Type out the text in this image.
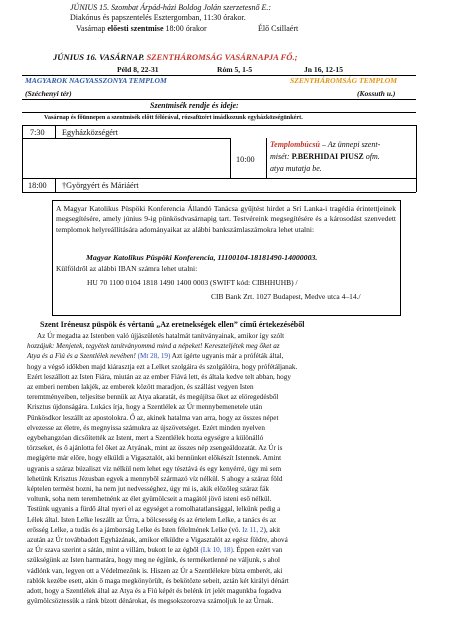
JÚNIUS 15. Szombat Árpád-házi Boldog Jolán szerzetesnő E.:
Diakónus és papszentelés Esztergomban, 11:30 órakor.
Vasárnap előesti szentmise 18:00 órakor	Élő Csillaért
JÚNIUS 16. VASÁRNAP. SZENTHÁROMSÁG VASÁRNAPJA FŐ.;
Péld 8, 22-31	Róm 5, 1-5	Jn 16, 12-15
MAGYAROK NAGYASSZONYA TEMPLOM	SZENTHÁROMSÁG TEMPLOM
(Széchenyi tér)	(Kossuth u.)
Szentmisék rendje és ideje:
Vasárnap és főünnepen a szentmisék előtt félórával, rózsafüzért imádkozunk egyházközségünkért.
7:30 Egyházközségért
10:00
Templombúcsú – Az ünnepi szent-
misét: P.BERHIDAI PIUSZ ofm.
atya mutatja be.
18:00 †Györgyért és Máriáért
A Magyar Katolikus Püspöki Konferencia Állandó Tanácsa gyűjtést hirdet a Srí Lanka-i tragédia érintettjeinek megsegítésére, amely június 9-ig pünkösdvasárnapig tart. Testvéreink megsegítésére és a károsodást szenvedett templomok helyreállítására adományaikat az alábbi bankszámlaszámokra lehet utalni:
Magyar Katolikus Püspöki Konferencia, 11100104-18181490-14000003.
Külföldről az alábbi IBAN számra lehet utalni:
HU 70 1100 0104 1818 1490 1400 0003 (SWIFT kód: CIBHHUHB) /
CIB Bank Zrt. 1027 Budapest, Medve utca 4–14./
Szent Iréneusz püspök és vértanú „Az eretnekségek ellen” című értekezéséből
Az Úr megadta az Istenben való újjászületés hatalmát tanítványainak, amikor így szólt
hozzájuk: Menjetek, tegyétek tanítványommá mind a népeket! Kereszteljétek meg őket az
Atya és a Fiú és a Szentlélek nevében! (Mt 28, 19) Azt ígérte ugyanis már a próféták által,
hogy a végső időkben majd kiárasztja ezt a Lelket szolgáira és szolgálóira, hogy prófétáljanak.
Ezért leszállott az Isten Fiára, miután az az ember Fiává lett, és általa kedve telt abban, hogy
az emberi nemben lakjék, az emberek között maradjon, és szállást vegyen Isten
teremtményeiben, teljesítse bennük az Atya akaratát, és megújítsa őket az elöregedésből
Krisztus újdonságára. Lukács írja, hogy a Szentlélek az Úr mennybemenetele után
Pünkösdkor leszállt az apostolokra. Ő az, akinek hatalma van arra, hogy az összes népet
elvezesse az életre, és megnyissa számukra az újszövetséget. Ezért minden nyelven
egybehangzóan dicsőítették az Istent, mert a Szentlélek hozta egységre a különálló
törzseket, és ő ajánlotta fel őket az Atyának, mint az összes nép zsengeáldozatát. Az Úr is
megígérte már előre, hogy elküldi a Vigasztalót, aki bennünket előkészít Istennek. Amint
ugyanis a száraz búzaliszt víz nélkül nem lehet egy tésztává és egy kenyérré, úgy mi sem
lehetünk Krisztus Jézusban egyek a mennyből származó víz nélkül. S ahogy a száraz föld
képtelen termést hozni, ha nem jut nedvességhez, úgy mi is, akik előzőleg száraz fák
voltunk, soha nem teremhetnénk az élet gyümölcseit a magától jövő isteni eső nélkül.
Testünk ugyanis a fürdő által nyeri el az egységet a romolhatatlansággal, lelkünk pedig a
Lélek által. Isten Lelke leszállt az Úrra, a bölcsesség és az értelem Lelke, a tanács és az
erősség Lelke, a tudás és a jámborság Lelke és Isten félelmének Lelke (vö. Iz 11, 2), akit
azután az Úr továbbadott Egyházának, amikor elküldte a Vigasztalót az egész földre, ahová
az Úr szava szerint a sátán, mint a villám, bukott le az égből (Lk 10, 18). Éppen ezért van
szükségünk az Isten harmatára, hogy meg ne égjünk, és terméketlenné ne váljunk, s ahol
vádlónk van, legyen ott a Védelmezőnk is. Hiszen az Úr a Szentlélekre bízta emberét, aki
rablók kezébe esett, akin ő maga megkönyörült, és bekötözte sebeit, aztán két királyi dénárt
adott, hogy a Szentlélek által az Atya és a Fiú képét és belénk írt jelét magunkba fogadva
gyümölcsöztessük a ránk bízott dénárokat, és megsokszorozva számoljuk le az Úrnak.
